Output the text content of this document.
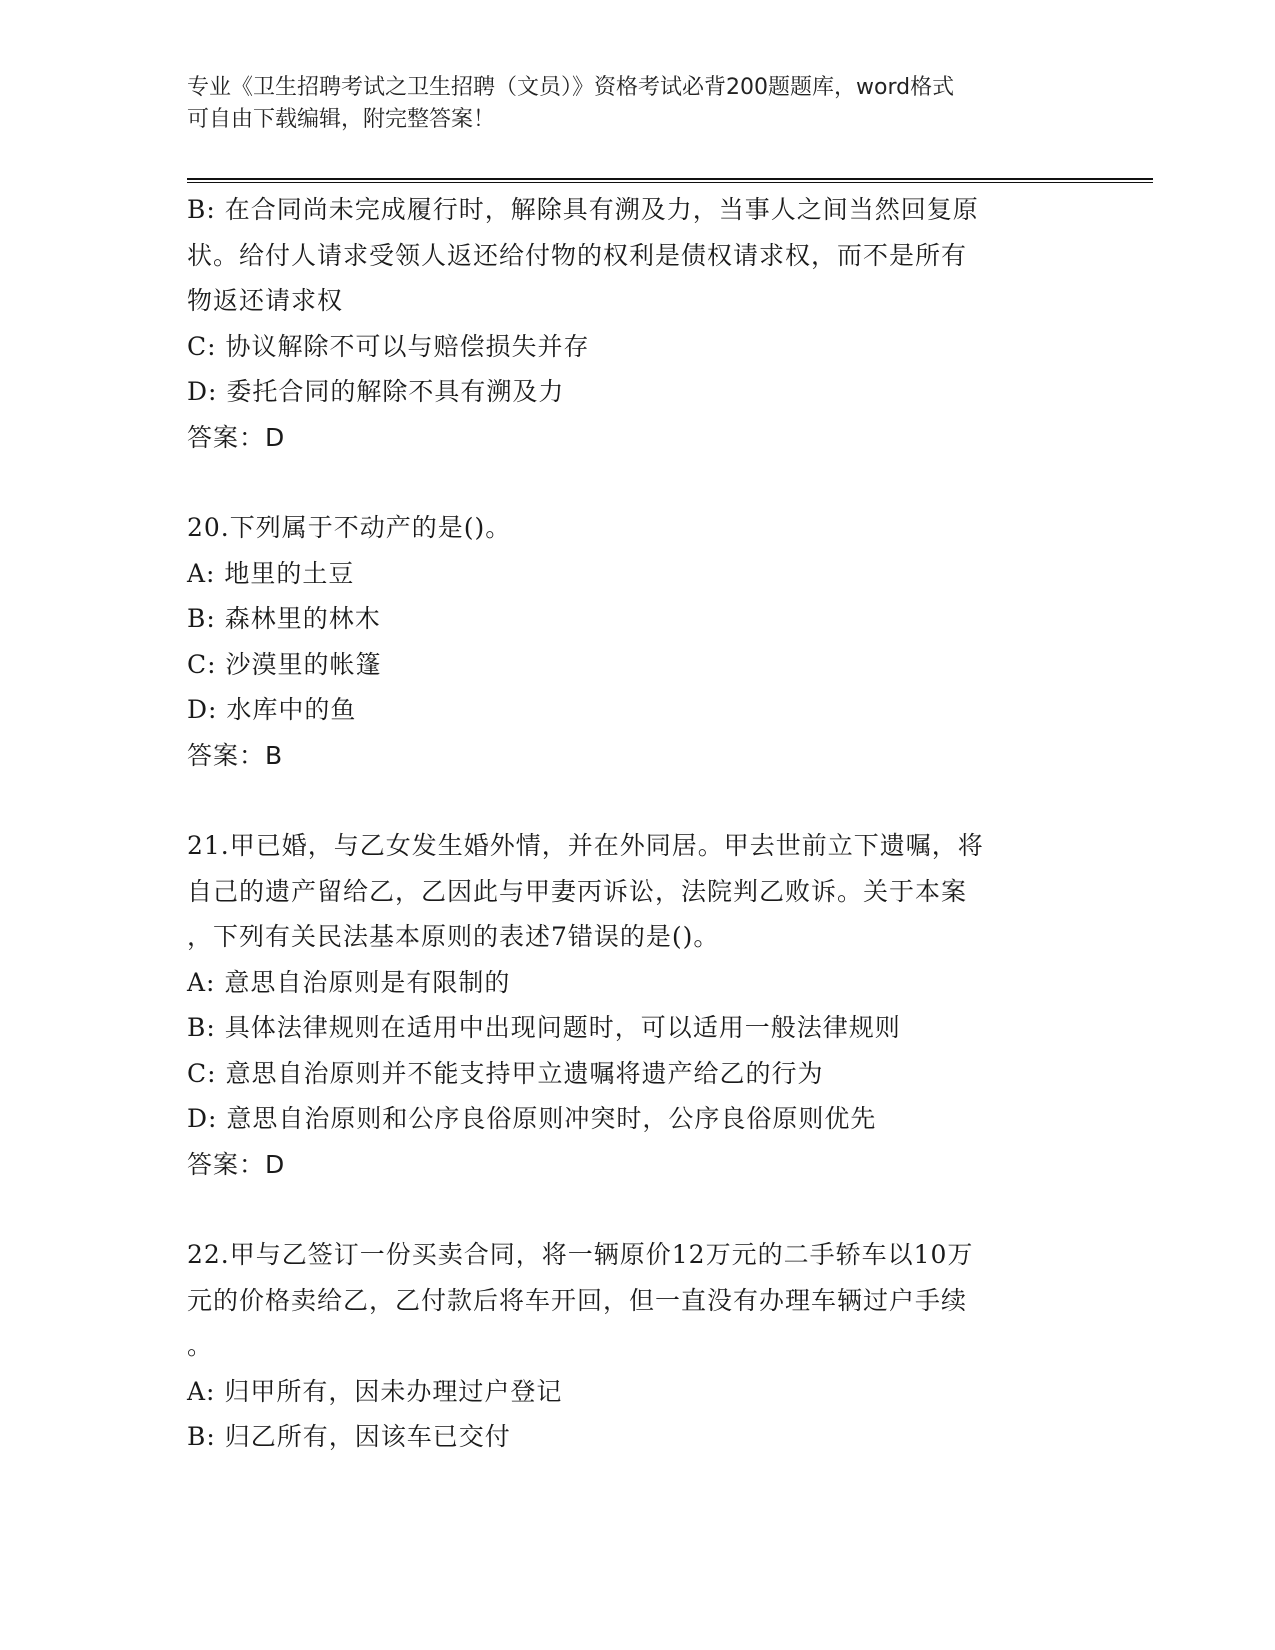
专业《卫生招聘考试之卫生招聘（文员）》资格考试必背200题题库，word格式
可自由下载编辑，附完整答案！
B: 在合同尚未完成履行时，解除具有溯及力，当事人之间当然回复原
状。给付人请求受领人返还给付物的权利是债权请求权，而不是所有
物返还请求权
C: 协议解除不可以与赔偿损失并存
D: 委托合同的解除不具有溯及力
答案：D
20.下列属于不动产的是()。
A: 地里的土豆
B: 森林里的林木
C: 沙漠里的帐篷
D: 水库中的鱼
答案：B
21.甲已婚，与乙女发生婚外情，并在外同居。甲去世前立下遗嘱，将
自己的遗产留给乙，乙因此与甲妻丙诉讼，法院判乙败诉。关于本案
，下列有关民法基本原则的表述7错误的是()。
A: 意思自治原则是有限制的
B: 具体法律规则在适用中出现问题时，可以适用一般法律规则
C: 意思自治原则并不能支持甲立遗嘱将遗产给乙的行为
D: 意思自治原则和公序良俗原则冲突时，公序良俗原则优先
答案：D
22.甲与乙签订一份买卖合同，将一辆原价12万元的二手轿车以10万
元的价格卖给乙，乙付款后将车开回，但一直没有办理车辆过户手续
。
A: 归甲所有，因未办理过户登记
B: 归乙所有，因该车已交付
